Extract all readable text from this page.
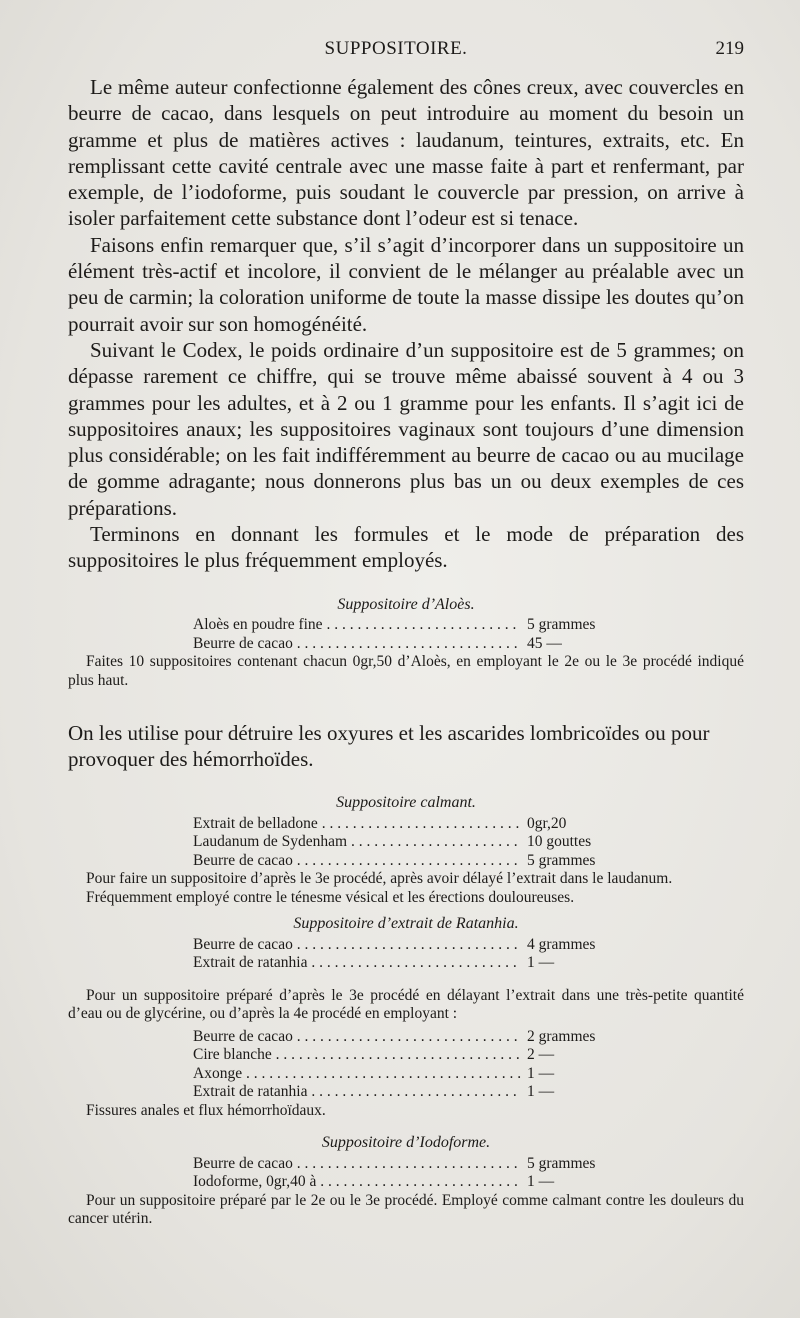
SUPPOSITOIRE.	219

Le même auteur confectionne également des cônes creux, avec couvercles en beurre de cacao, dans lesquels on peut introduire au moment du besoin un gramme et plus de matières actives : laudanum, teintures, extraits, etc. En remplissant cette cavité centrale avec une masse faite à part et renfermant, par exemple, de l’iodoforme, puis soudant le couvercle par pression, on arrive à isoler parfaitement cette substance dont l’odeur est si tenace.

Faisons enfin remarquer que, s’il s’agit d’incorporer dans un suppositoire un élément très-actif et incolore, il convient de le mélanger au préalable avec un peu de carmin; la coloration uniforme de toute la masse dissipe les doutes qu’on pourrait avoir sur son homogénéité.

Suivant le Codex, le poids ordinaire d’un suppositoire est de 5 grammes; on dépasse rarement ce chiffre, qui se trouve même abaissé souvent à 4 ou 3 grammes pour les adultes, et à 2 ou 1 gramme pour les enfants. Il s’agit ici de suppositoires anaux; les suppositoires vaginaux sont toujours d’une dimension plus considérable; on les fait indifféremment au beurre de cacao ou au mucilage de gomme adragante; nous donnerons plus bas un ou deux exemples de ces préparations.

Terminons en donnant les formules et le mode de préparation des suppositoires le plus fréquemment employés.

Suppositoire d’Aloès.
Aloès en poudre fine . . .	5 grammes
Beurre de cacao . . .	45 —

Faites 10 suppositoires contenant chacun 0gr,50 d’Aloès, en employant le 2e ou le 3e procédé indiqué plus haut.

On les utilise pour détruire les oxyures et les ascarides lombricoïdes ou pour provoquer des hémorrhoïdes.

Suppositoire calmant.
Extrait de belladone . . .	0gr,20
Laudanum de Sydenham . . .	10 gouttes
Beurre de cacao . . .	5 grammes

Pour faire un suppositoire d’après le 3e procédé, après avoir délayé l’extrait dans le laudanum.

Fréquemment employé contre le ténesme vésical et les érections douloureuses.

Suppositoire d’extrait de Ratanhia.
Beurre de cacao . . .	4 grammes
Extrait de ratanhia . . .	1 —

Pour un suppositoire préparé d’après le 3e procédé en délayant l’extrait dans une très-petite quantité d’eau ou de glycérine, ou d’après la 4e procédé en employant :

Beurre de cacao . . .	2 grammes
Cire blanche . . .	2 —
Axonge . . .	1 —
Extrait de ratanhia . . .	1 —

Fissures anales et flux hémorrhoïdaux.

Suppositoire d’Iodoforme.
Beurre de cacao . . .	5 grammes
Iodoforme, 0gr,40 à . . .	1 —

Pour un suppositoire préparé par le 2e ou le 3e procédé. Employé comme calmant contre les douleurs du cancer utérin.
